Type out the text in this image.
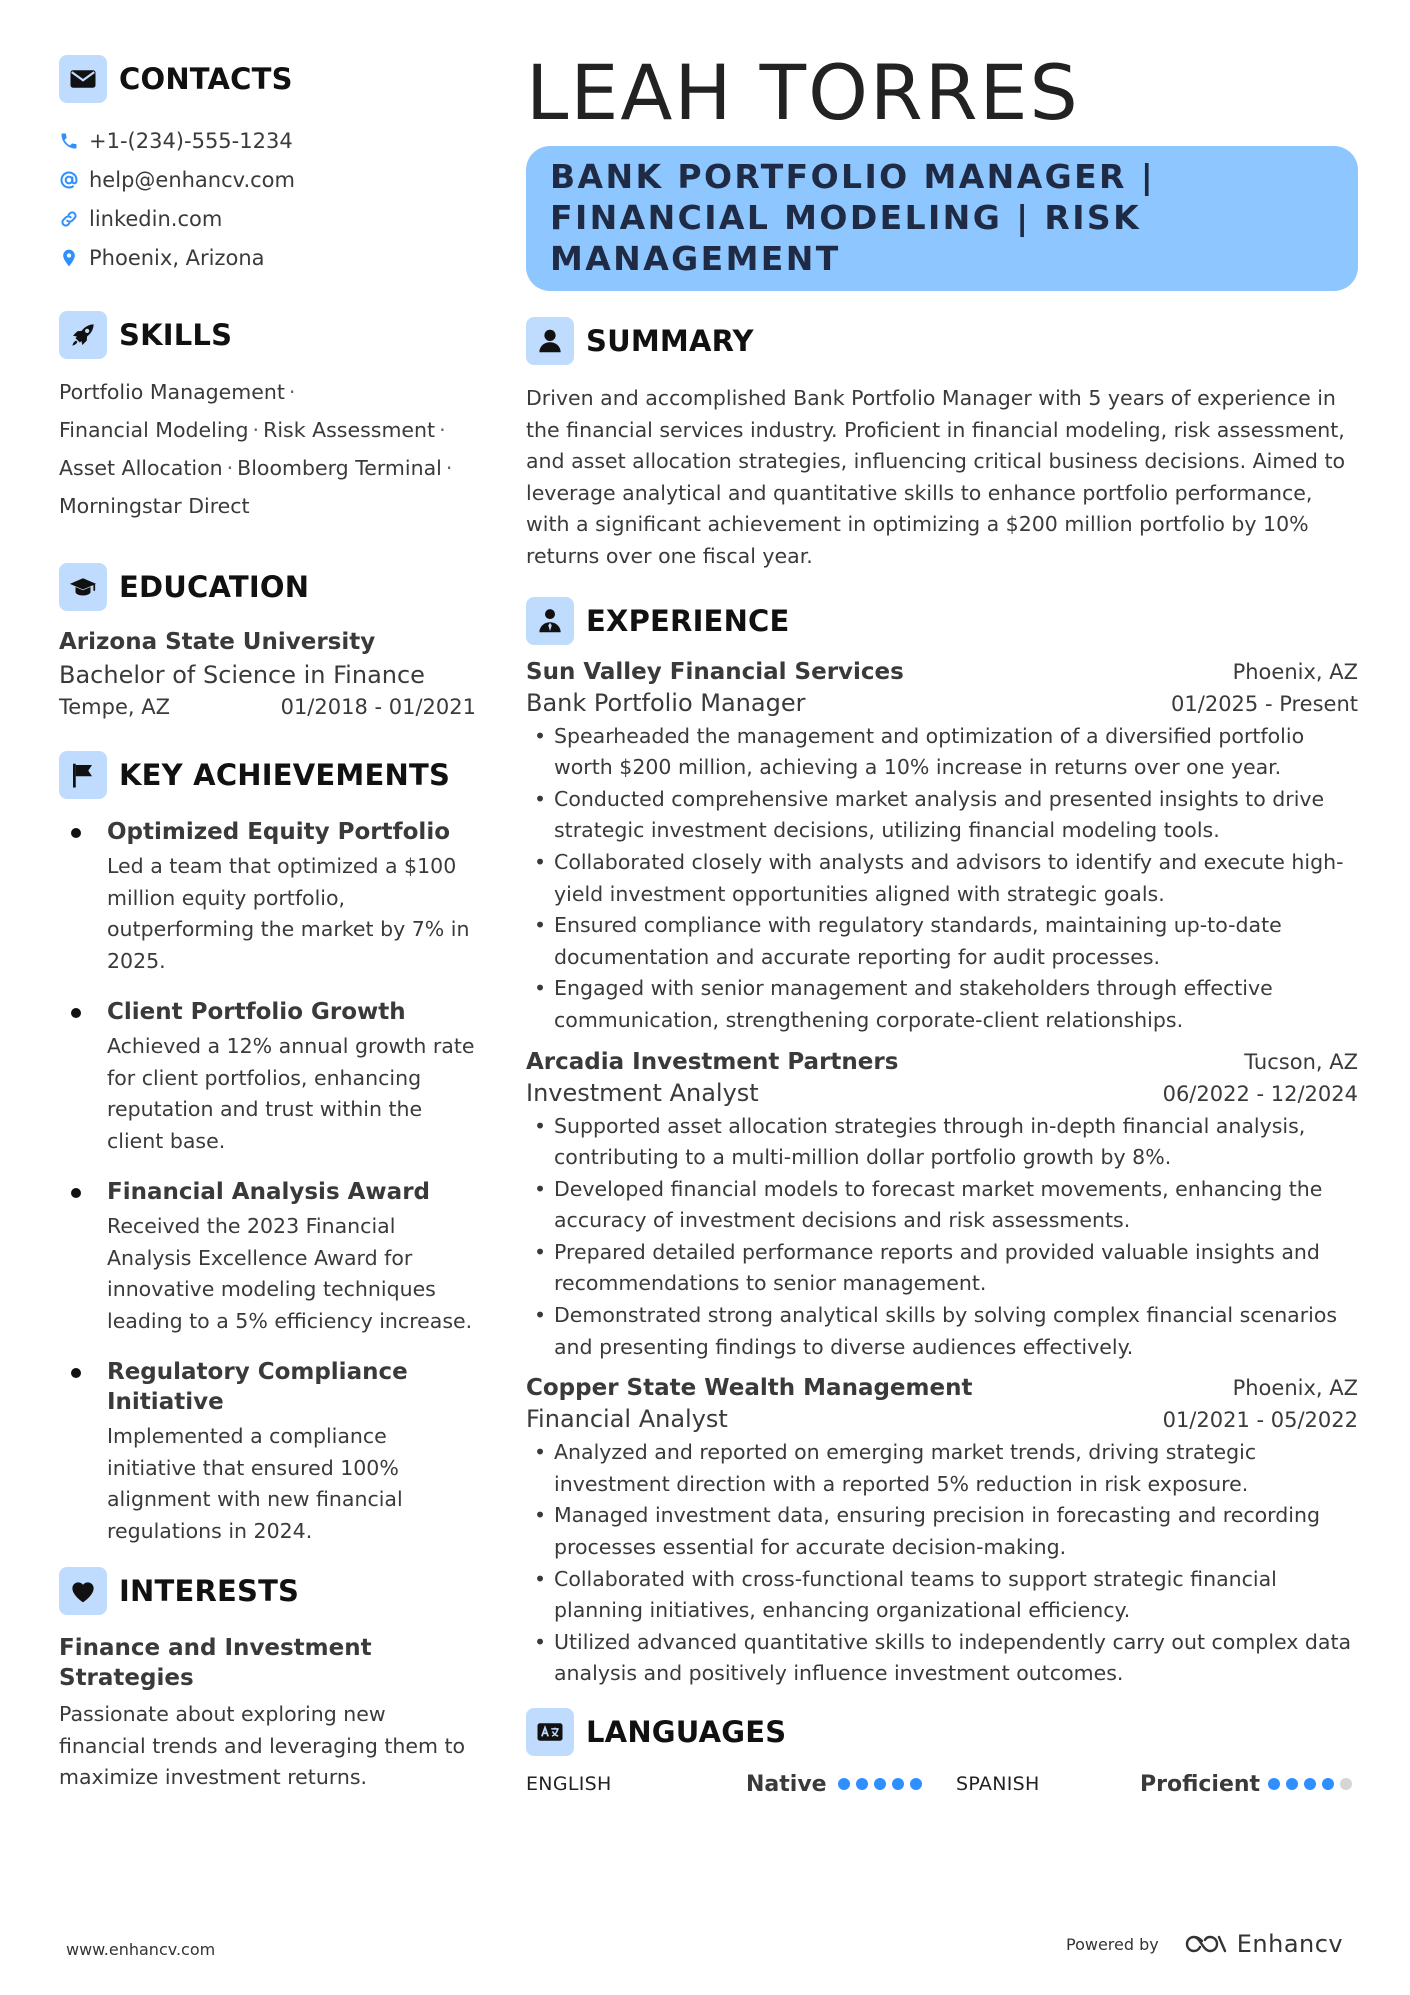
CONTACTS
+1-(234)-555-1234
help@enhancv.com
linkedin.com
Phoenix, Arizona
SKILLS
Portfolio Management ·
Financial Modeling · Risk Assessment ·
Asset Allocation · Bloomberg Terminal ·
Morningstar Direct
EDUCATION
Arizona State University
Bachelor of Science in Finance
Tempe, AZ	01/2018 - 01/2021
KEY ACHIEVEMENTS
Optimized Equity Portfolio
Led a team that optimized a $100 million equity portfolio, outperforming the market by 7% in 2025.
Client Portfolio Growth
Achieved a 12% annual growth rate for client portfolios, enhancing reputation and trust within the client base.
Financial Analysis Award
Received the 2023 Financial Analysis Excellence Award for innovative modeling techniques leading to a 5% efficiency increase.
Regulatory Compliance Initiative
Implemented a compliance initiative that ensured 100% alignment with new financial regulations in 2024.
INTERESTS
Finance and Investment Strategies
Passionate about exploring new financial trends and leveraging them to maximize investment returns.
LEAH TORRES
BANK PORTFOLIO MANAGER | FINANCIAL MODELING | RISK MANAGEMENT
SUMMARY
Driven and accomplished Bank Portfolio Manager with 5 years of experience in the financial services industry. Proficient in financial modeling, risk assessment, and asset allocation strategies, influencing critical business decisions. Aimed to leverage analytical and quantitative skills to enhance portfolio performance, with a significant achievement in optimizing a $200 million portfolio by 10% returns over one fiscal year.
EXPERIENCE
Sun Valley Financial Services	Phoenix, AZ
Bank Portfolio Manager	01/2025 - Present
• Spearheaded the management and optimization of a diversified portfolio worth $200 million, achieving a 10% increase in returns over one year.
• Conducted comprehensive market analysis and presented insights to drive strategic investment decisions, utilizing financial modeling tools.
• Collaborated closely with analysts and advisors to identify and execute high-yield investment opportunities aligned with strategic goals.
• Ensured compliance with regulatory standards, maintaining up-to-date documentation and accurate reporting for audit processes.
• Engaged with senior management and stakeholders through effective communication, strengthening corporate-client relationships.
Arcadia Investment Partners	Tucson, AZ
Investment Analyst	06/2022 - 12/2024
• Supported asset allocation strategies through in-depth financial analysis, contributing to a multi-million dollar portfolio growth by 8%.
• Developed financial models to forecast market movements, enhancing the accuracy of investment decisions and risk assessments.
• Prepared detailed performance reports and provided valuable insights and recommendations to senior management.
• Demonstrated strong analytical skills by solving complex financial scenarios and presenting findings to diverse audiences effectively.
Copper State Wealth Management	Phoenix, AZ
Financial Analyst	01/2021 - 05/2022
• Analyzed and reported on emerging market trends, driving strategic investment direction with a reported 5% reduction in risk exposure.
• Managed investment data, ensuring precision in forecasting and recording processes essential for accurate decision-making.
• Collaborated with cross-functional teams to support strategic financial planning initiatives, enhancing organizational efficiency.
• Utilized advanced quantitative skills to independently carry out complex data analysis and positively influence investment outcomes.
LANGUAGES
ENGLISH	Native	SPANISH	Proficient
www.enhancv.com	Powered by	Enhancv
